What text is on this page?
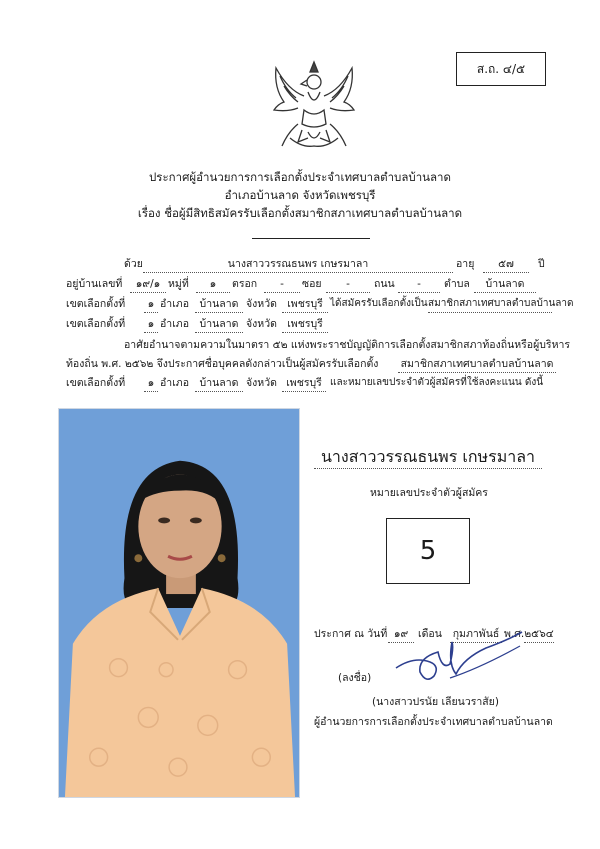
ส.ถ. ๔/๕
ประกาศผู้อำนวยการการเลือกตั้งประจำเทศบาลตำบลบ้านลาด
อำเภอบ้านลาด จังหวัดเพชรบุรี
เรื่อง ชื่อผู้มีสิทธิสมัครรับเลือกตั้งสมาชิกสภาเทศบาลตำบลบ้านลาด
ด้วย	นางสาววรรณธนพร เกษรมาลา	อายุ	๕๗	ปี
อยู่บ้านเลขที่	๑๙/๑ หมู่ที่	๑	ตรอก	-	ซอย	-	ถนน	-	ตำบล	บ้านลาด
เขตเลือกตั้งที่	๑ อำเภอ	บ้านลาด จังหวัด เพชรบุรี ได้สมัครรับเลือกตั้งเป็น สมาชิกสภาเทศบาลตำบลบ้านลาด
เขตเลือกตั้งที่	๑ อำเภอ	บ้านลาด จังหวัด เพชรบุรี
อาศัยอำนาจตามความในมาตรา ๕๒ แห่งพระราชบัญญัติการเลือกตั้งสมาชิกสภาท้องถิ่นหรือผู้บริหาร
ท้องถิ่น พ.ศ. ๒๕๖๒ จึงประกาศชื่อบุคคลดังกล่าวเป็นผู้สมัครรับเลือกตั้ง สมาชิกสภาเทศบาลตำบลบ้านลาด
เขตเลือกตั้งที่	๑ อำเภอ	บ้านลาด จังหวัด เพชรบุรี และหมายเลขประจำตัวผู้สมัครที่ใช้ลงคะแนน ดังนี้
นางสาววรรณธนพร เกษรมาลา
หมายเลขประจำตัวผู้สมัคร
5
ประกาศ ณ วันที่ ๑๙ เดือน กุมภาพันธ์ พ.ศ. ๒๕๖๔
(ลงชื่อ)
(นางสาวปรนัย เลียนวราสัย)
ผู้อำนวยการการเลือกตั้งประจำเทศบาลตำบลบ้านลาด
